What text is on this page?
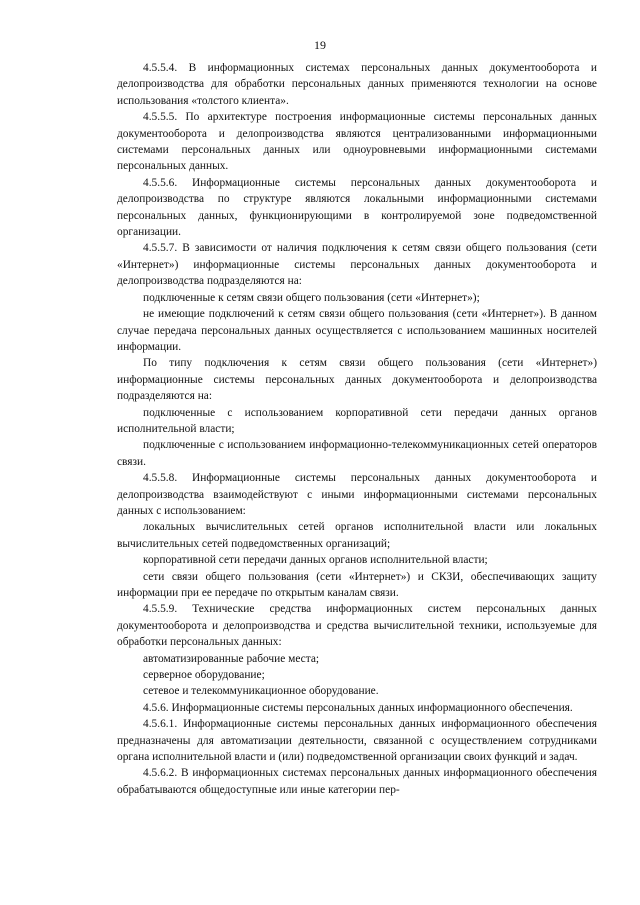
19

4.5.5.4. В информационных системах персональных данных документооборота и делопроизводства для обработки персональных данных применяются технологии на основе использования «толстого клиента».

4.5.5.5. По архитектуре построения информационные системы персональных данных документооборота и делопроизводства являются централизованными информационными системами персональных данных или одноуровневыми информационными системами персональных данных.

4.5.5.6. Информационные системы персональных данных документооборота и делопроизводства по структуре являются локальными информационными системами персональных данных, функционирующими в контролируемой зоне подведомственной организации.

4.5.5.7. В зависимости от наличия подключения к сетям связи общего пользования (сети «Интернет») информационные системы персональных данных документооборота и делопроизводства подразделяются на:

подключенные к сетям связи общего пользования (сети «Интернет»);

не имеющие подключений к сетям связи общего пользования (сети «Интернет»). В данном случае передача персональных данных осуществляется с использованием машинных носителей информации.

По типу подключения к сетям связи общего пользования (сети «Интернет») информационные системы персональных данных документооборота и делопроизводства подразделяются на:

подключенные с использованием корпоративной сети передачи данных органов исполнительной власти;

подключенные с использованием информационно-телекоммуникационных сетей операторов связи.

4.5.5.8. Информационные системы персональных данных документооборота и делопроизводства взаимодействуют с иными информационными системами персональных данных с использованием:

локальных вычислительных сетей органов исполнительной власти или локальных вычислительных сетей подведомственных организаций;

корпоративной сети передачи данных органов исполнительной власти;

сети связи общего пользования (сети «Интернет») и СКЗИ, обеспечивающих защиту информации при ее передаче по открытым каналам связи.

4.5.5.9. Технические средства информационных систем персональных данных документооборота и делопроизводства и средства вычислительной техники, используемые для обработки персональных данных:

автоматизированные рабочие места;

серверное оборудование;

сетевое и телекоммуникационное оборудование.

4.5.6. Информационные системы персональных данных информационного обеспечения.

4.5.6.1. Информационные системы персональных данных информационного обеспечения предназначены для автоматизации деятельности, связанной с осуществлением сотрудниками органа исполнительной власти и (или) подведомственной организации своих функций и задач.

4.5.6.2. В информационных системах персональных данных информационного обеспечения обрабатываются общедоступные или иные категории пер-
